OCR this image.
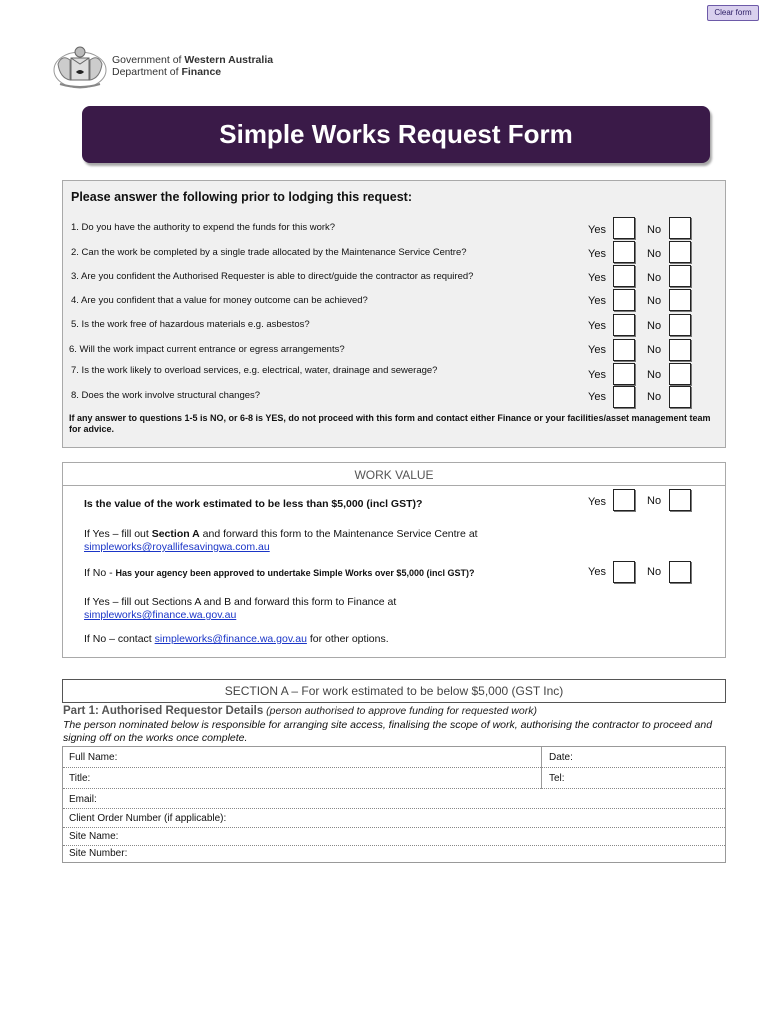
Clear form
Government of Western Australia
Department of Finance
Simple Works Request Form
Please answer the following prior to lodging this request:
1. Do you have the authority to expend the funds for this work?	Yes	No
2. Can the work be completed by a single trade allocated by the Maintenance Service Centre?	Yes	No
3. Are you confident the Authorised Requester is able to direct/guide the contractor as required?	Yes	No
4. Are you confident that a value for money outcome can be achieved?	Yes	No
5. Is the work free of hazardous materials e.g. asbestos?	Yes	No
6. Will the work impact current entrance or egress arrangements?	Yes	No
7. Is the work likely to overload services, e.g. electrical, water, drainage and sewerage?	Yes	No
8. Does the work involve structural changes?	Yes	No
If any answer to questions 1-5 is NO, or 6-8 is YES, do not proceed with this form and contact either Finance or your facilities/asset management team for advice.
WORK VALUE
Is the value of the work estimated to be less than $5,000 (incl GST)?	Yes	No
If Yes – fill out Section A and forward this form to the Maintenance Service Centre at
simpleworks@royallifesavingwa.com.au
If No - Has your agency been approved to undertake Simple Works over $5,000 (incl GST)?	Yes	No
If Yes – fill out Sections A and B and forward this form to Finance at
simpleworks@finance.wa.gov.au
If No – contact simpleworks@finance.wa.gov.au for other options.
SECTION A – For work estimated to be below $5,000 (GST Inc)
Part 1: Authorised Requestor Details (person authorised to approve funding for requested work)
The person nominated below is responsible for arranging site access, finalising the scope of work, authorising the contractor to proceed and signing off on the works once complete.
Full Name:	Date:
Title:	Tel:
Email:
Client Order Number (if applicable):
Site Name:
Site Number:
